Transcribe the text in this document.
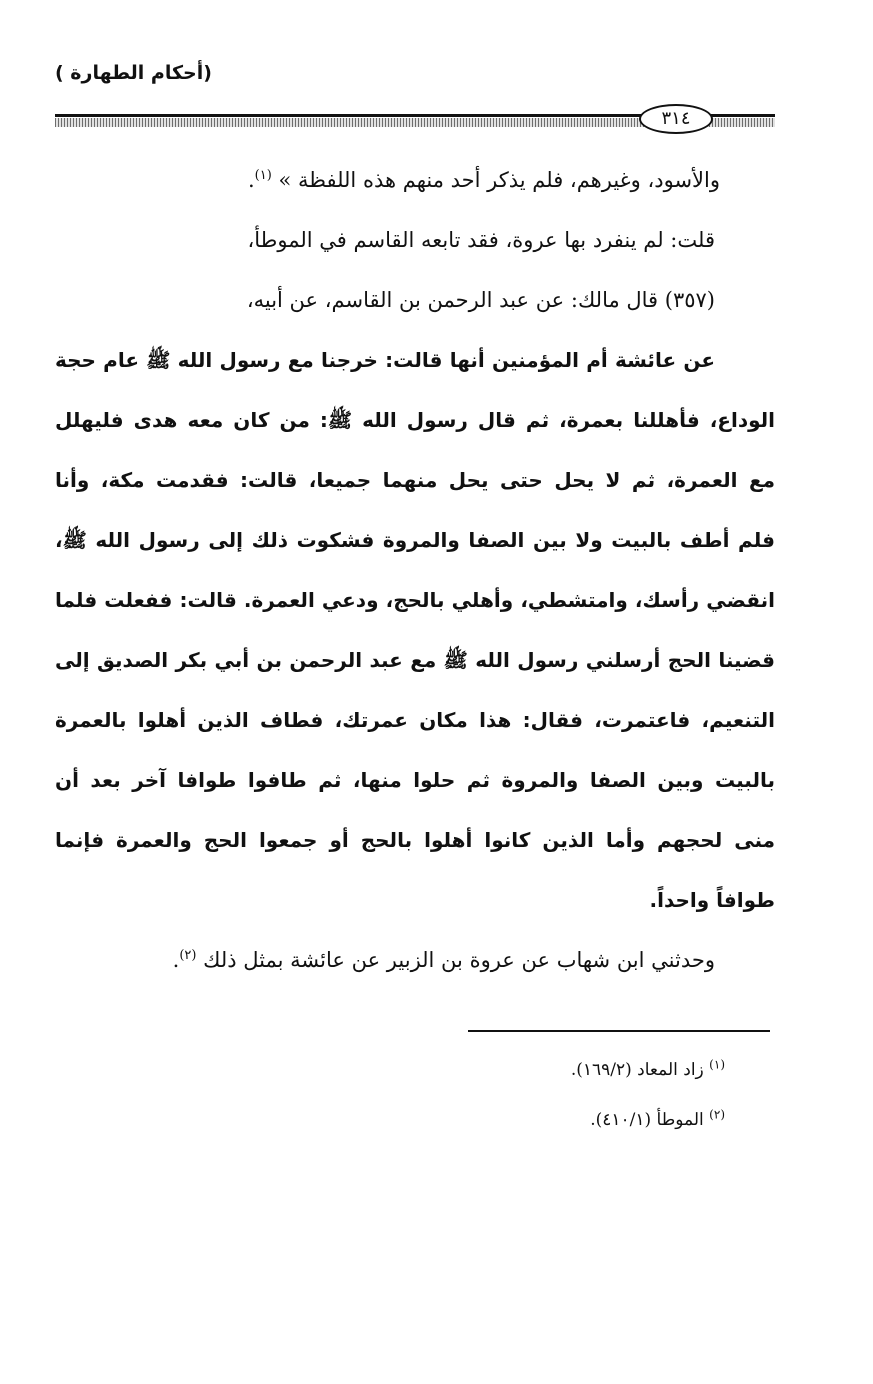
(أحكام الطهارة )
٣١٤
والأسود، وغيرهم، فلم يذكر أحد منهم هذه اللفظة » $^{(١)}$.
قلت: لم ينفرد بها عروة، فقد تابعه القاسم في الموطأ،
(٣٥٧) قال مالك: عن عبد الرحمن بن القاسم، عن أبيه،
عن عائشة أم المؤمنين أنها قالت: خرجنا مع رسول الله ﷺ عام حجة
الوداع، فأهللنا بعمرة، ثم قال رسول الله ﷺ: من كان معه هدى فليهلل
مع العمرة، ثم لا يحل حتى يحل منهما جميعا، قالت: فقدمت مكة، وأنا
فلم أطف بالبيت ولا بين الصفا والمروة فشكوت ذلك إلى رسول الله ﷺ،
انقضي رأسك، وامتشطي، وأهلي بالحج، ودعي العمرة. قالت: ففعلت فلما
قضينا الحج أرسلني رسول الله ﷺ مع عبد الرحمن بن أبي بكر الصديق إلى
التنعيم، فاعتمرت، فقال: هذا مكان عمرتك، فطاف الذين أهلوا بالعمرة
بالبيت وبين الصفا والمروة ثم حلوا منها، ثم طافوا طوافا آخر بعد أن
منى لحجهم وأما الذين كانوا أهلوا بالحج أو جمعوا الحج والعمرة فإنما
طوافاً واحداً.
وحدثني ابن شهاب عن عروة بن الزبير عن عائشة بمثل ذلك $^{(٢)}$.
$^{(١)}$ زاد المعاد (١٦٩/٢).
$^{(٢)}$ الموطأ (٤١٠/١).
